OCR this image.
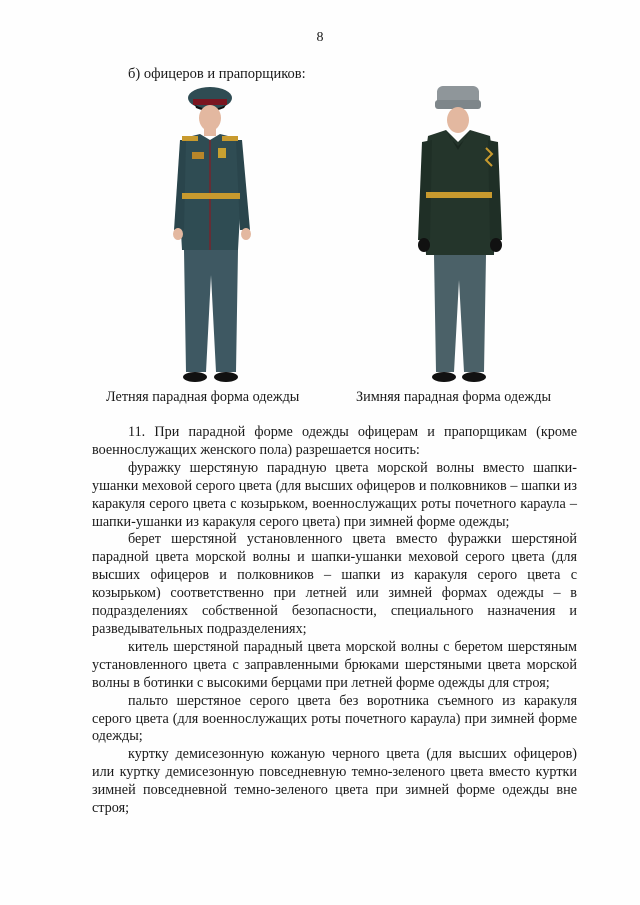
8
б) офицеров и прапорщиков:
Летняя парадная форма одежды	Зимняя парадная форма одежды

11. При парадной форме одежды офицерам и прапорщикам (кроме военнослужащих женского пола) разрешается носить:

фуражку шерстяную парадную цвета морской волны вместо шапки-ушанки меховой серого цвета (для высших офицеров и полковников – шапки из каракуля серого цвета с козырьком, военнослужащих роты почетного караула – шапки-ушанки из каракуля серого цвета) при зимней форме одежды;

берет шерстяной установленного цвета вместо фуражки шерстяной парадной цвета морской волны и шапки-ушанки меховой серого цвета (для высших офицеров и полковников – шапки из каракуля серого цвета с козырьком) соответственно при летней или зимней формах одежды – в подразделениях собственной безопасности, специального назначения и разведывательных подразделениях;

китель шерстяной парадный цвета морской волны с беретом шерстяным установленного цвета с заправленными брюками шерстяными цвета морской волны в ботинки с высокими берцами при летней форме одежды для строя;

пальто шерстяное серого цвета без воротника съемного из каракуля серого цвета (для военнослужащих роты почетного караула) при зимней форме одежды;

куртку демисезонную кожаную черного цвета (для высших офицеров) или куртку демисезонную повседневную темно-зеленого цвета вместо куртки зимней повседневной темно-зеленого цвета при зимней форме одежды вне строя;
